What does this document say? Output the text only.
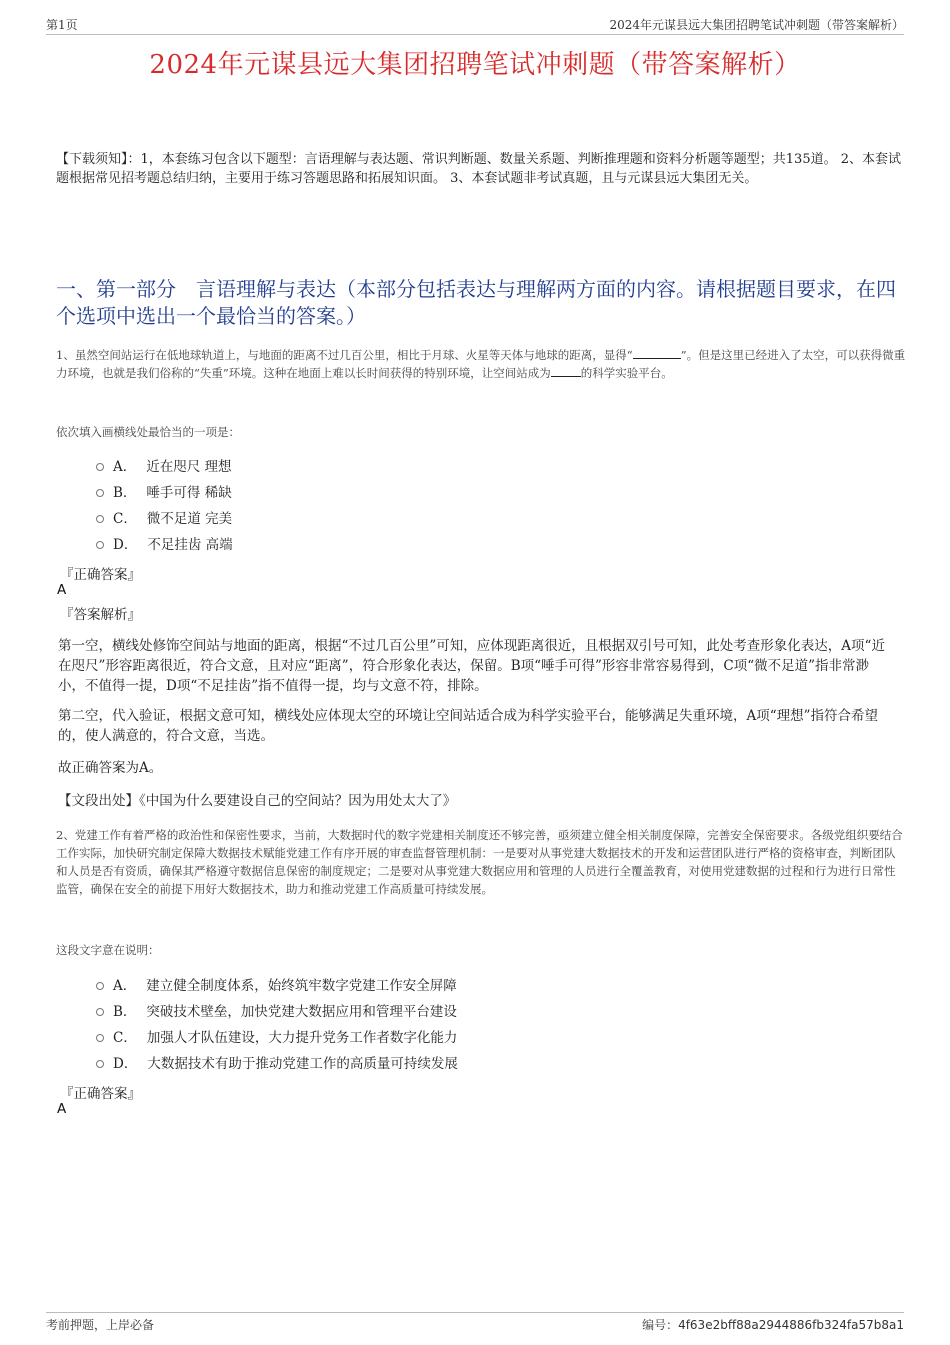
第1页	2024年元谋县远大集团招聘笔试冲刺题（带答案解析）
2024年元谋县远大集团招聘笔试冲刺题（带答案解析）
【下载须知】：1，本套练习包含以下题型：言语理解与表达题、常识判断题、数量关系题、判断推理题和资料分析题等题型；共135道。 2、本套试题根据常见招考题总结归纳，主要用于练习答题思路和拓展知识面。 3、本套试题非考试真题，且与元谋县远大集团无关。
一、第一部分　言语理解与表达（本部分包括表达与理解两方面的内容。请根据题目要求，在四个选项中选出一个最恰当的答案。）
1、虽然空间站运行在低地球轨道上，与地面的距离不过几百公里，相比于月球、火星等天体与地球的距离，显得“	”。但是这里已经进入了太空，可以获得微重力环境，也就是我们俗称的“失重”环境。这种在地面上难以长时间获得的特别环境，让空间站成为	的科学实验平台。
依次填入画横线处最恰当的一项是：
A． 近在咫尺 理想
B． 唾手可得 稀缺
C． 微不足道 完美
D． 不足挂齿 高端
『正确答案』
A
『答案解析』
第一空，横线处修饰空间站与地面的距离，根据“不过几百公里”可知，应体现距离很近，且根据双引号可知，此处考查形象化表达，A项“近在咫尺”形容距离很近，符合文意，且对应“距离”，符合形象化表达，保留。B项“唾手可得”形容非常容易得到，C项“微不足道”指非常渺小，不值得一提，D项“不足挂齿”指不值得一提，均与文意不符，排除。
第二空，代入验证，根据文意可知，横线处应体现太空的环境让空间站适合成为科学实验平台，能够满足失重环境，A项“理想”指符合希望的，使人满意的，符合文意，当选。
故正确答案为A。
【文段出处】《中国为什么要建设自己的空间站？因为用处太大了》
2、党建工作有着严格的政治性和保密性要求，当前，大数据时代的数字党建相关制度还不够完善，亟须建立健全相关制度保障，完善安全保密要求。各级党组织要结合工作实际，加快研究制定保障大数据技术赋能党建工作有序开展的审查监督管理机制：一是要对从事党建大数据技术的开发和运营团队进行严格的资格审查，判断团队和人员是否有资质，确保其严格遵守数据信息保密的制度规定；二是要对从事党建大数据应用和管理的人员进行全覆盖教育，对使用党建数据的过程和行为进行日常性监管，确保在安全的前提下用好大数据技术，助力和推动党建工作高质量可持续发展。
这段文字意在说明：
A． 建立健全制度体系，始终筑牢数字党建工作安全屏障
B． 突破技术壁垒，加快党建大数据应用和管理平台建设
C． 加强人才队伍建设，大力提升党务工作者数字化能力
D． 大数据技术有助于推动党建工作的高质量可持续发展
『正确答案』
A
考前押题，上岸必备	编号：4f63e2bff88a2944886fb324fa57b8a1
